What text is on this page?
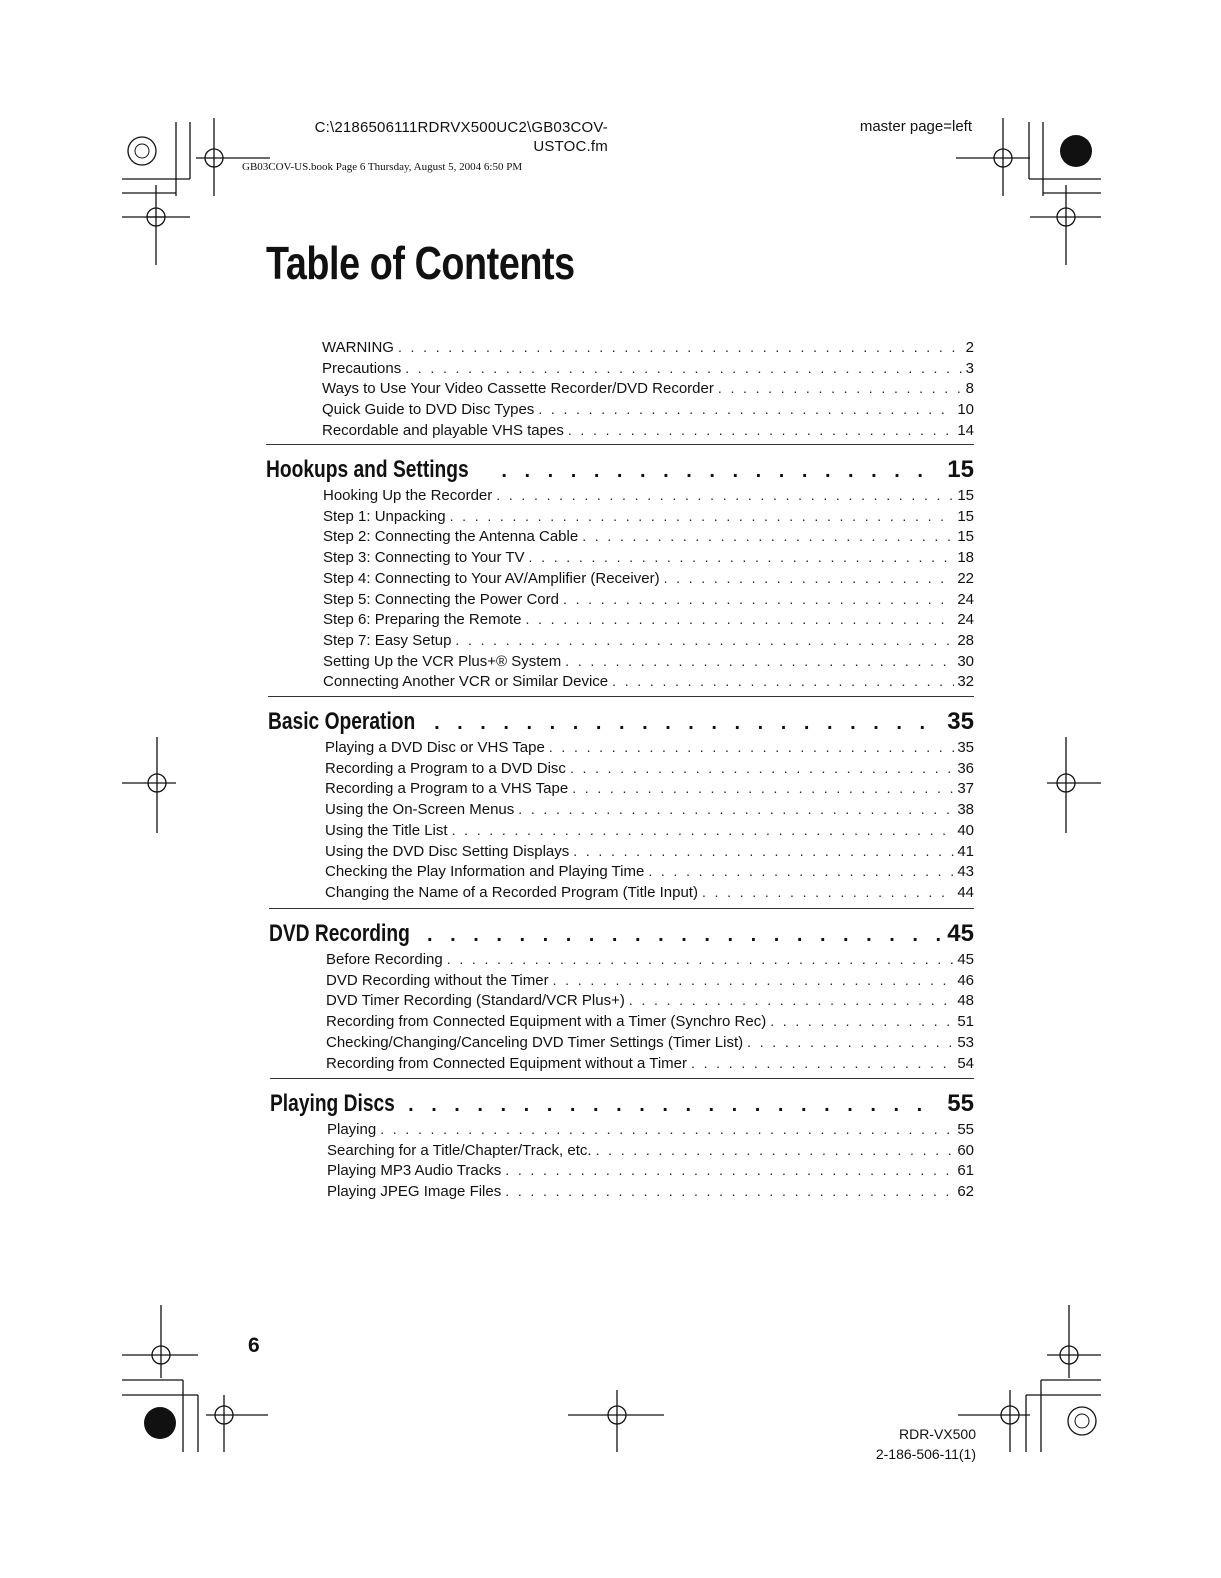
C:\2186506111RDRVX500UC2\GB03COV-
USTOC.fm
GB03COV-US.book Page 6 Thursday, August 5, 2004 6:50 PM
master page=left
Table of Contents
WARNING . . .	2
Precautions . . .	3
Ways to Use Your Video Cassette Recorder/DVD Recorder . . .	8
Quick Guide to DVD Disc Types . . .	10
Recordable and playable VHS tapes . . .	14
Hookups and Settings . . .	15
Hooking Up the Recorder . . .	15
Step 1: Unpacking . . .	15
Step 2: Connecting the Antenna Cable . . .	15
Step 3: Connecting to Your TV . . .	18
Step 4: Connecting to Your AV/Amplifier (Receiver) . . .	22
Step 5: Connecting the Power Cord . . .	24
Step 6: Preparing the Remote . . .	24
Step 7: Easy Setup . . .	28
Setting Up the VCR Plus+® System . . .	30
Connecting Another VCR or Similar Device . . .	32
Basic Operation . . .	35
Playing a DVD Disc or VHS Tape . . .	35
Recording a Program to a DVD Disc . . .	36
Recording a Program to a VHS Tape . . .	37
Using the On-Screen Menus . . .	38
Using the Title List . . .	40
Using the DVD Disc Setting Displays . . .	41
Checking the Play Information and Playing Time . . .	43
Changing the Name of a Recorded Program (Title Input) . . .	44
DVD Recording . . .	45
Before Recording . . .	45
DVD Recording without the Timer . . .	46
DVD Timer Recording (Standard/VCR Plus+) . . .	48
Recording from Connected Equipment with a Timer (Synchro Rec) . . .	51
Checking/Changing/Canceling DVD Timer Settings (Timer List) . . .	53
Recording from Connected Equipment without a Timer . . .	54
Playing Discs . . .	55
Playing . . .	55
Searching for a Title/Chapter/Track, etc. . . .	60
Playing MP3 Audio Tracks . . .	61
Playing JPEG Image Files . . .	62
6
RDR-VX500
2-186-506-11(1)
